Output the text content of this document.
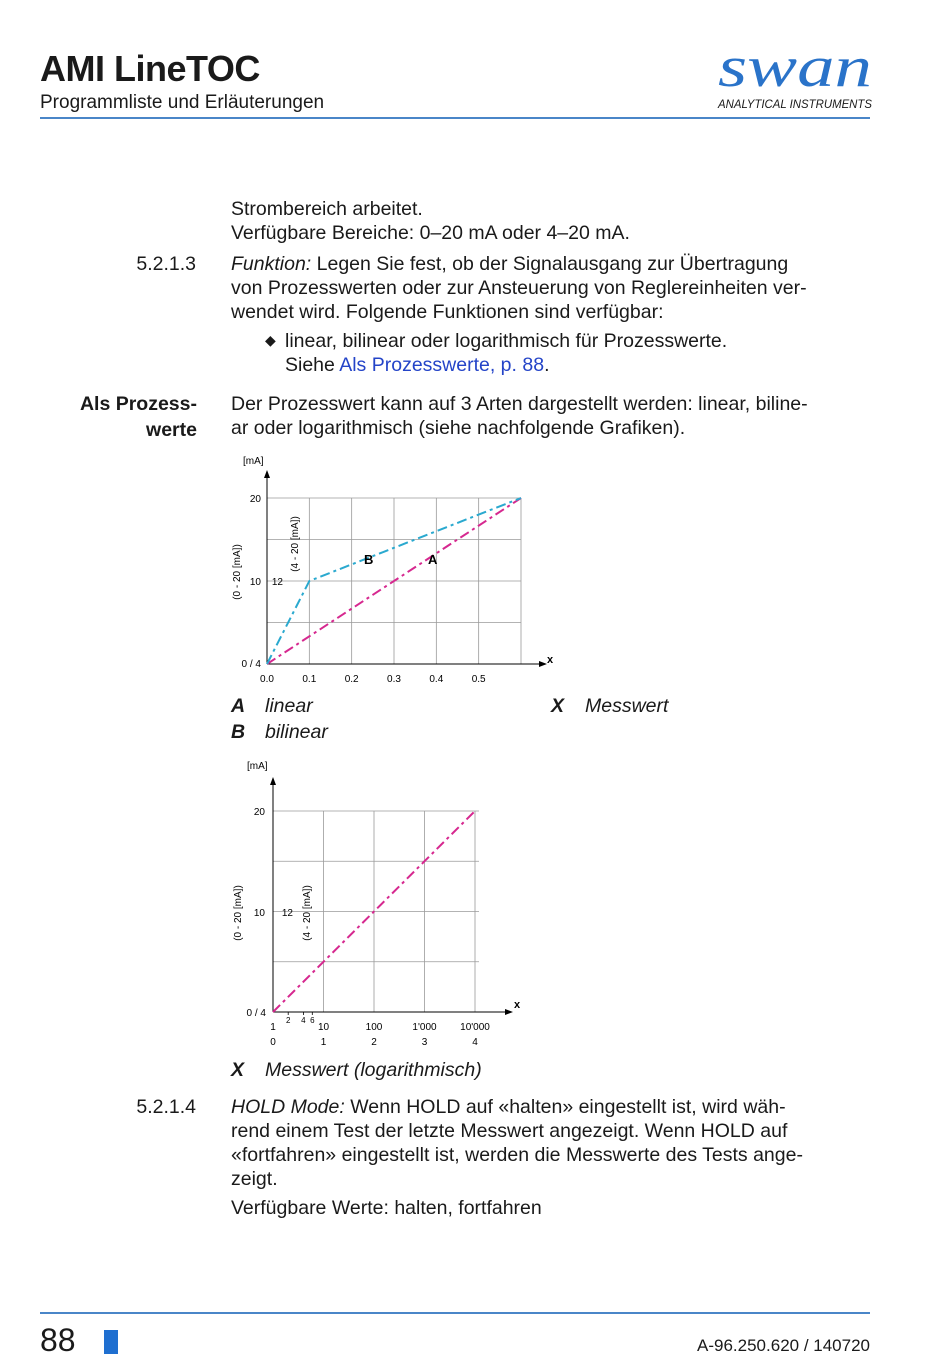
AMI LineTOC
Programmliste und Erläuterungen
swan
ANALYTICAL INSTRUMENTS
Strombereich arbeitet.
Verfügbare Bereiche: 0–20 mA oder 4–20 mA.
5.2.1.3 Funktion: Legen Sie fest, ob der Signalausgang zur Übertragung
von Prozesswerten oder zur Ansteuerung von Reglereinheiten ver-
wendet wird. Folgende Funktionen sind verfügbar:
◆ linear, bilinear oder logarithmisch für Prozesswerte.
Siehe Als Prozesswerte, p. 88.
Als Prozess-
werte
Der Prozesswert kann auf 3 Arten dargestellt werden: linear, biline-
ar oder logarithmisch (siehe nachfolgende Grafiken).
[mA]
(0 - 20 [mA])
(4 - 20 [mA])
0 / 4
10 12
20
x
0.0	0.1	0.2	0.3	0.4	0.5
B	A
A linear
B bilinear
X Messwert
[mA]
(0 - 20 [mA])	(4 - 20 [mA])
0 / 4
10 12
20
x
1
2 4 6
10	100	1'000 10'000
0	1	2	3	4
X Messwert (logarithmisch)
5.2.1.4 HOLD Mode: Wenn HOLD auf «halten» eingestellt ist, wird wäh-
rend einem Test der letzte Messwert angezeigt. Wenn HOLD auf
«fortfahren» eingestellt ist, werden die Messwerte des Tests ange-
zeigt.
Verfügbare Werte: halten, fortfahren
88	A-96.250.620 / 140720
